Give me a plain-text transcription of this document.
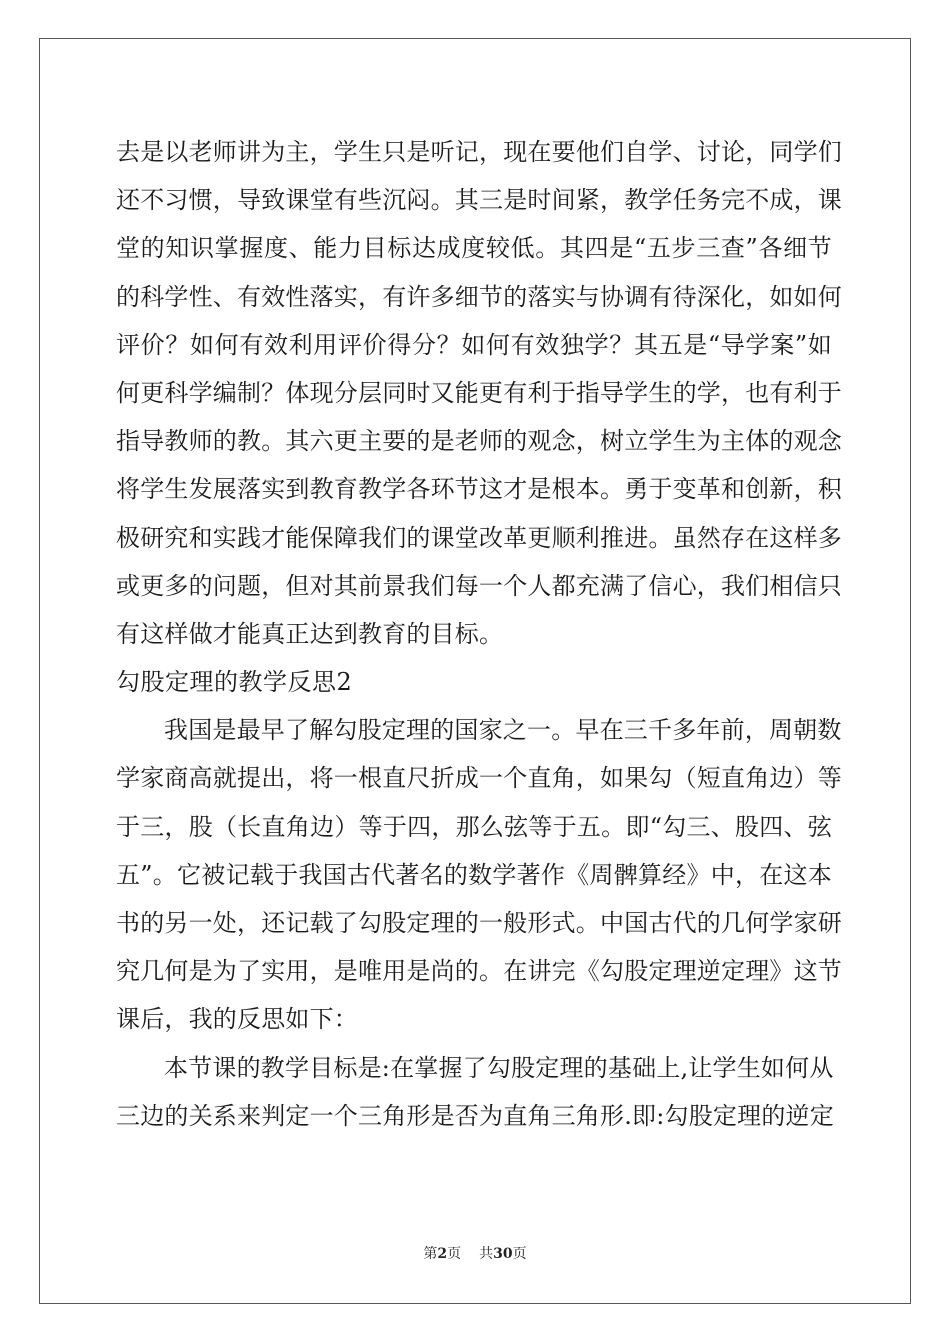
去是以老师讲为主，学生只是听记，现在要他们自学、讨论，同学们
还不习惯，导致课堂有些沉闷。其三是时间紧，教学任务完不成，课
堂的知识掌握度、能力目标达成度较低。其四是“五步三查”各细节
的科学性、有效性落实，有许多细节的落实与协调有待深化，如如何
评价？如何有效利用评价得分？如何有效独学？其五是“导学案”如
何更科学编制？体现分层同时又能更有利于指导学生的学，也有利于
指导教师的教。其六更主要的是老师的观念，树立学生为主体的观念
将学生发展落实到教育教学各环节这才是根本。勇于变革和创新，积
极研究和实践才能保障我们的课堂改革更顺利推进。虽然存在这样多
或更多的问题，但对其前景我们每一个人都充满了信心，我们相信只
有这样做才能真正达到教育的目标。
勾股定理的教学反思2
我国是最早了解勾股定理的国家之一。早在三千多年前，周朝数
学家商高就提出，将一根直尺折成一个直角，如果勾（短直角边）等
于三，股（长直角边）等于四，那么弦等于五。即“勾三、股四、弦
五”。它被记载于我国古代著名的数学著作《周髀算经》中，在这本
书的另一处，还记载了勾股定理的一般形式。中国古代的几何学家研
究几何是为了实用，是唯用是尚的。在讲完《勾股定理逆定理》这节
课后，我的反思如下：
本节课的教学目标是:在掌握了勾股定理的基础上,让学生如何从
三边的关系来判定一个三角形是否为直角三角形.即:勾股定理的逆定
第2页 共30页
